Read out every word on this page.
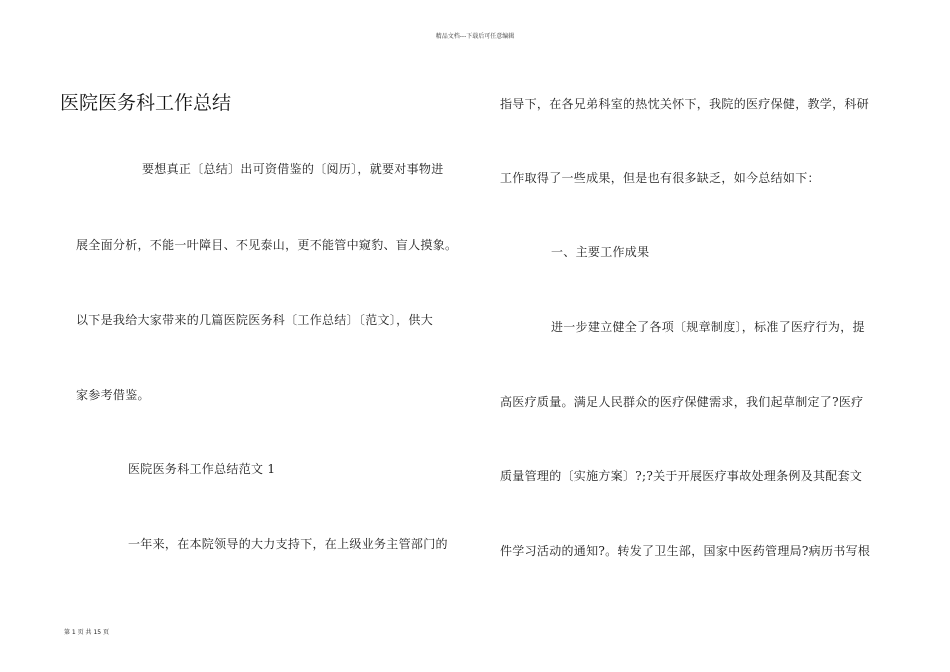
精品文档---下载后可任意编辑
医院医务科工作总结
要想真正〔总结〕出可资借鉴的〔阅历〕，就要对事物进
展全面分析，不能一叶障目、不见泰山，更不能管中窥豹、盲人摸象。
以下是我给大家带来的几篇医院医务科〔工作总结〕〔范文〕，供大
家参考借鉴。
医院医务科工作总结范文 1
一年来，在本院领导的大力支持下，在上级业务主管部门的
指导下，在各兄弟科室的热忱关怀下，我院的医疗保健，教学，科研
工作取得了一些成果，但是也有很多缺乏，如今总结如下：
一、主要工作成果
进一步建立健全了各项〔规章制度〕，标准了医疗行为，提
高医疗质量。满足人民群众的医疗保健需求，我们起草制定了?医疗
质量管理的〔实施方案〕?;?关于开展医疗事故处理条例及其配套文
件学习活动的通知?。转发了卫生部，国家中医药管理局?病历书写根
第 1 页 共 15 页
